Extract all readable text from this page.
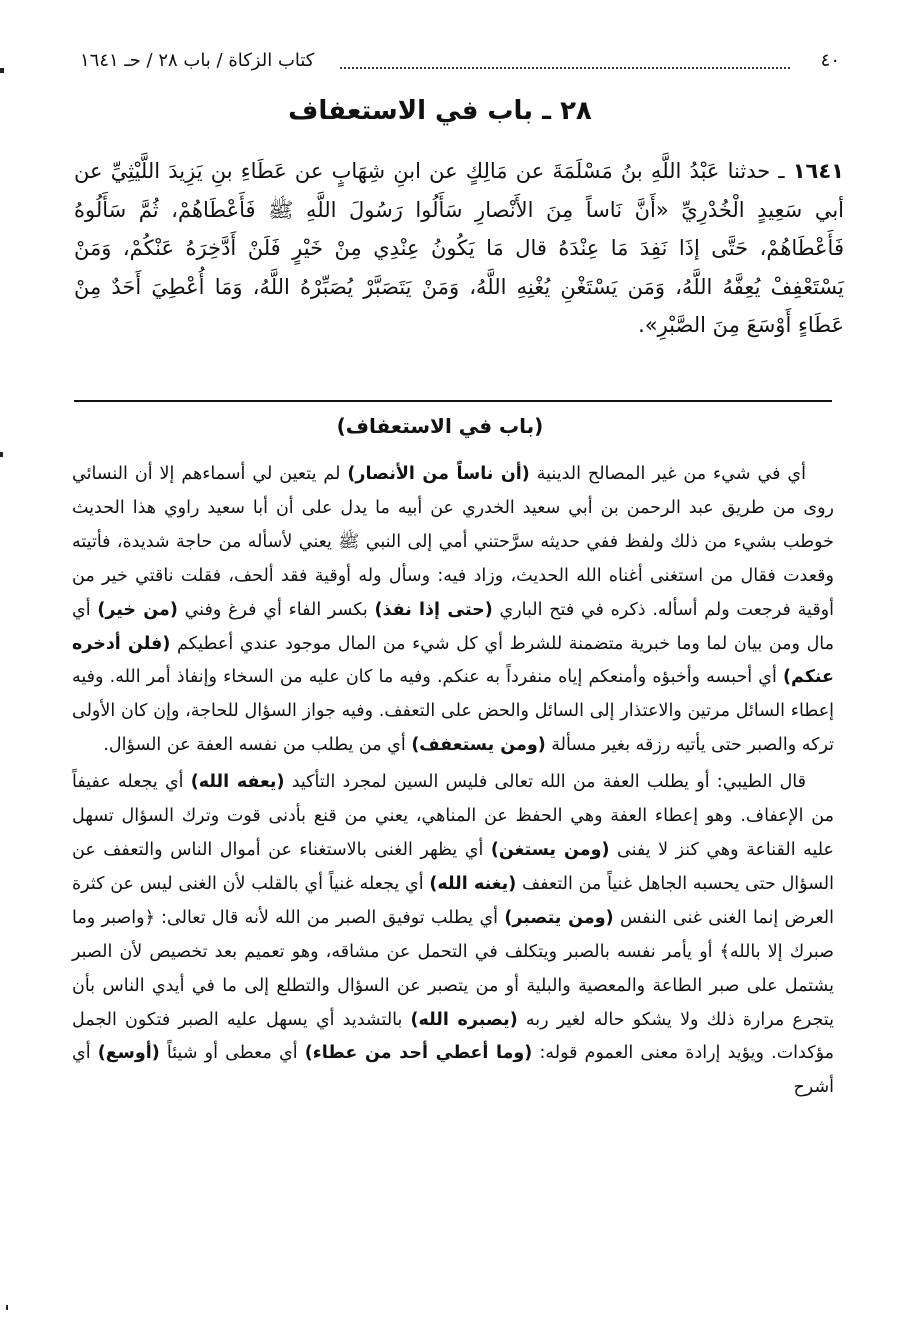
٤٠
كتاب الزكاة / باب ٢٨ / حـ ١٦٤١
٢٨ ـ باب في الاستعفاف
١٦٤١ ـ حدثنا عَبْدُ اللَّهِ بنُ مَسْلَمَةَ عن مَالِكٍ عن ابنِ شِهَابٍ عن عَطَاءِ بنِ يَزِيدَ اللَّيْثِيِّ عن أبي سَعِيدٍ الْخُدْرِيِّ «أَنَّ نَاساً مِنَ الأَنْصارِ سَأَلُوا رَسُولَ اللَّهِ ﷺ فَأَعْطَاهُمْ، ثُمَّ سَأَلُوهُ فَأَعْطَاهُمْ، حَتَّى إذَا نَفِدَ مَا عِنْدَهُ قال مَا يَكُونُ عِنْدِي مِنْ خَيْرٍ فَلَنْ أَدَّخِرَهُ عَنْكُمْ، وَمَنْ يَسْتَعْفِفْ يُعِفَّهُ اللَّهُ، وَمَن يَسْتَغْنِ يُغْنِهِ اللَّهُ، وَمَنْ يَتَصَبَّرْ يُصَبِّرْهُ اللَّهُ، وَمَا أُعْطِيَ أَحَدٌ مِنْ عَطَاءٍ أَوْسَعَ مِنَ الصَّبْرِ».
(باب في الاستعفاف)

أي في شيء من غير المصالح الدينية (أن ناساً من الأنصار) لم يتعين لي أسماءهم إلا أن النسائي روى من طريق عبد الرحمن بن أبي سعيد الخدري عن أبيه ما يدل على أن أبا سعيد راوي هذا الحديث خوطب بشيء من ذلك ولفظ ففي حديثه سرَّحتني أمي إلى النبي ﷺ يعني لأسأله من حاجة شديدة، فأتيته وقعدت فقال من استغنى أغناه الله الحديث، وزاد فيه: وسأل وله أوقية فقد ألحف، فقلت ناقتي خير من أوقية فرجعت ولم أسأله. ذكره في فتح الباري (حتى إذا نفذ) بكسر الفاء أي فرغ وفني (من خير) أي مال ومن بيان لما وما خبرية متضمنة للشرط أي كل شيء من المال موجود عندي أعطيكم (فلن أدخره عنكم) أي أحبسه وأخبؤه وأمنعكم إياه منفرداً به عنكم. وفيه ما كان عليه من السخاء وإنفاذ أمر الله. وفيه إعطاء السائل مرتين والاعتذار إلى السائل والحض على التعفف. وفيه جواز السؤال للحاجة، وإن كان الأولى تركه والصبر حتى يأتيه رزقه بغير مسألة (ومن يستعفف) أي من يطلب من نفسه العفة عن السؤال.

قال الطيبي: أو يطلب العفة من الله تعالى فليس السين لمجرد التأكيد (يعفه الله) أي يجعله عفيفاً من الإعفاف. وهو إعطاء العفة وهي الحفظ عن المناهي، يعني من قنع بأدنى قوت وترك السؤال تسهل عليه القناعة وهي كنز لا يفنى (ومن يستغن) أي يظهر الغنى بالاستغناء عن أموال الناس والتعفف عن السؤال حتى يحسبه الجاهل غنياً من التعفف (يغنه الله) أي يجعله غنياً أي بالقلب لأن الغنى ليس عن كثرة العرض إنما الغنى غنى النفس (ومن يتصبر) أي يطلب توفيق الصبر من الله لأنه قال تعالى: ﴿واصبر وما صبرك إلا بالله﴾ أو يأمر نفسه بالصبر ويتكلف في التحمل عن مشاقه، وهو تعميم بعد تخصيص لأن الصبر يشتمل على صبر الطاعة والمعصية والبلية أو من يتصبر عن السؤال والتطلع إلى ما في أيدي الناس بأن يتجرع مرارة ذلك ولا يشكو حاله لغير ربه (يصبره الله) بالتشديد أي يسهل عليه الصبر فتكون الجمل مؤكدات. ويؤيد إرادة معنى العموم قوله: (وما أعطي أحد من عطاء) أي معطى أو شيئاً (أوسع) أي أشرح
